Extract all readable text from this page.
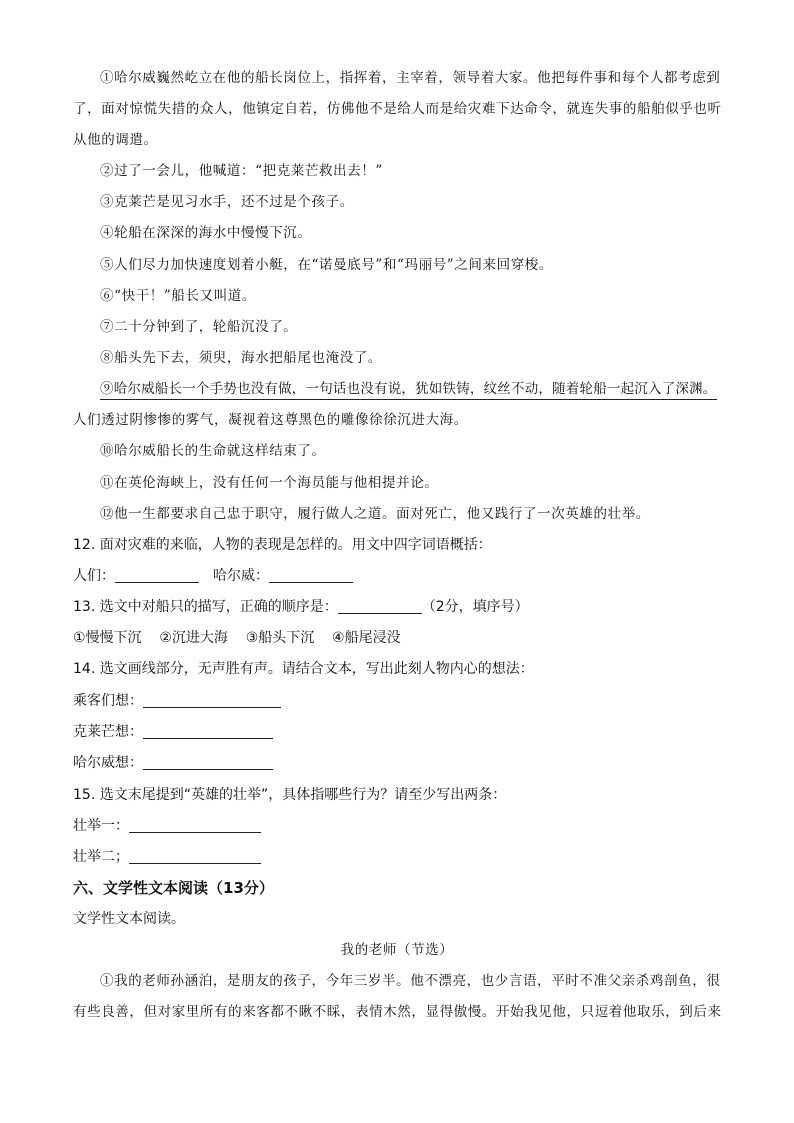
①哈尔威巍然屹立在他的船长岗位上，指挥着，主宰着，领导着大家。他把每件事和每个人都考虑到
了，面对惊慌失措的众人，他镇定自若，仿佛他不是给人而是给灾难下达命令，就连失事的船舶似乎也听
从他的调遣。
②过了一会儿，他喊道：“把克莱芒救出去！”
③克莱芒是见习水手，还不过是个孩子。
④轮船在深深的海水中慢慢下沉。
⑤人们尽力加快速度划着小艇，在“诺曼底号”和“玛丽号”之间来回穿梭。
⑥“快干！”船长又叫道。
⑦二十分钟到了，轮船沉没了。
⑧船头先下去，须臾，海水把船尾也淹没了。
⑨哈尔威船长一个手势也没有做，一句话也没有说，犹如铁铸，纹丝不动，随着轮船一起沉入了深渊。
人们透过阴惨惨的雾气，凝视着这尊黑色的雕像徐徐沉进大海。
⑩哈尔威船长的生命就这样结束了。
⑪在英伦海峡上，没有任何一个海员能与他相提并论。
⑫他一生都要求自己忠于职守，履行做人之道。面对死亡，他又践行了一次英雄的壮举。
12. 面对灾难的来临，人物的表现是怎样的。用文中四字词语概括：
人们：	哈尔威：
13. 选文中对船只的描写，正确的顺序是：	（2分，填序号）
①慢慢下沉    ②沉进大海    ③船头下沉    ④船尾浸没
14. 选文画线部分，无声胜有声。请结合文本，写出此刻人物内心的想法：
乘客们想：
克莱芒想：
哈尔威想：
15. 选文末尾提到“英雄的壮举”，具体指哪些行为？请至少写出两条：
壮举一：
壮举二；
六、文学性文本阅读（13分）
文学性文本阅读。
我的老师（节选）
①我的老师孙涵泊，是朋友的孩子，今年三岁半。他不漂亮，也少言语，平时不准父亲杀鸡剖鱼，很
有些良善，但对家里所有的来客都不瞅不睬，表情木然，显得傲慢。开始我见他，只逗着他取乐，到后来
